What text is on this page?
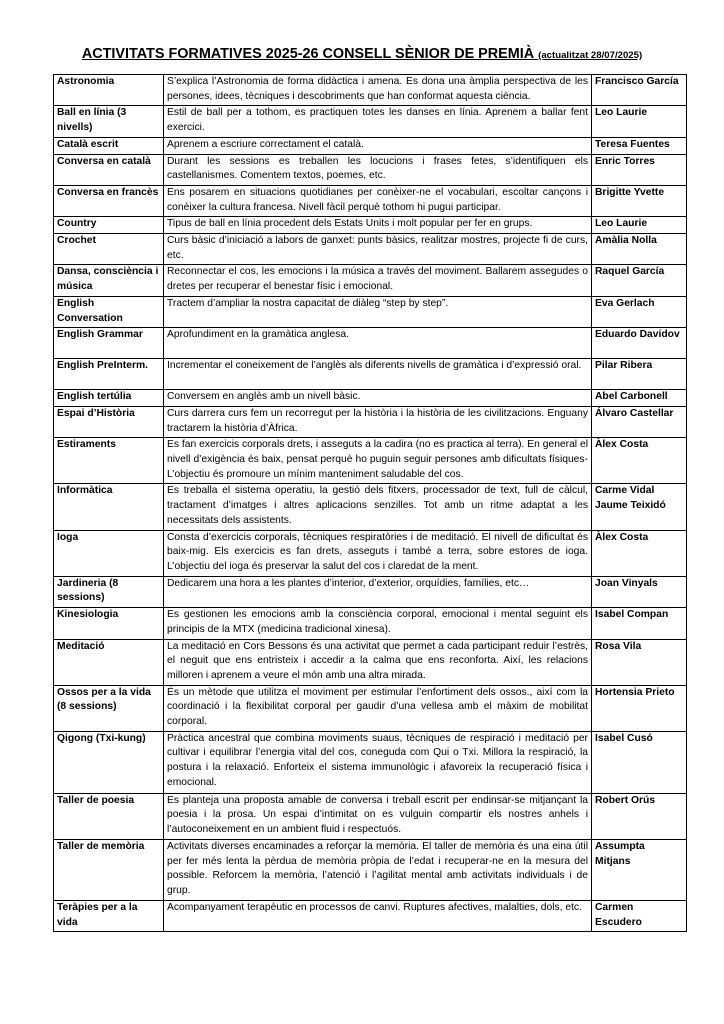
ACTIVITATS FORMATIVES 2025-26 CONSELL SÈNIOR DE PREMIÀ (actualitzat 28/07/2025)
Astronomia	S’explica l’Astronomia de forma didàctica i amena. Es dona una àmplia perspectiva de les persones, idees, tècniques i descobriments que han conformat aquesta ciència.	Francisco García
Ball en línia (3 nivells)	Estil de ball per a tothom, es practiquen totes les danses en línia. Aprenem a ballar fent exercici.	Leo Laurie
Català escrit	Aprenem a escriure correctament el català.	Teresa Fuentes
Conversa en català	Durant les sessions es treballen les locucions i frases fetes, s’identifiquen els castellanismes. Comentem textos, poemes, etc.	Enric Torres
Conversa en francès	Ens posarem en situacions quotidianes per conèixer-ne el vocabulari, escoltar cançons i conèixer la cultura francesa. Nivell fàcil perquè tothom hi pugui participar.	Brigitte Yvette
Country	Tipus de ball en línia procedent dels Estats Units i molt popular per fer en grups.	Leo Laurie
Crochet	Curs bàsic d’iniciació a labors de ganxet: punts bàsics, realitzar mostres, projecte fi de curs, etc.	Amàlia Nolla
Dansa, consciència i música	Reconnectar el cos, les emocions i la música a través del moviment. Ballarem assegudes o dretes per recuperar el benestar físic i emocional.	Raquel García
English Conversation	Tractem d’ampliar la nostra capacitat de diàleg “step by step”.	Eva Gerlach
English Grammar	Aprofundiment en la gramàtica anglesa.	Eduardo Davidov
English PreInterm.	Incrementar el coneixement de l’anglès als diferents nivells de gramàtica i d’expressió oral.	Pilar Ribera
English tertúlia	Conversem en anglès amb un nivell bàsic.	Abel Carbonell
Espai d’Història	Curs darrera curs fem un recorregut per la història i la història de les civilitzacions. Enguany tractarem la història d’Àfrica.	Álvaro Castellar
Estiraments	Es fan exercicis corporals drets, i asseguts a la cadira (no es practica al terra). En general el nivell d’exigència és baix, pensat perquè ho puguin seguir persones amb dificultats físiques- L’objectiu és promoure un mínim manteniment saludable del cos.	Àlex Costa
Informàtica	Es treballa el sistema operatiu, la gestió dels fitxers, processador de text, full de càlcul, tractament d’imatges i altres aplicacions senzilles. Tot amb un ritme adaptat a les necessitats dels assistents.	Carme Vidal Jaume Teixidó
Ioga	Consta d’exercicis corporals, tècniques respiratòries i de meditació. El nivell de dificultat és baix-mig. Els exercicis es fan drets, asseguts i també a terra, sobre estores de ioga. L’objectiu del ioga és preservar la salut del cos i claredat de la ment.	Àlex Costa
Jardineria (8 sessions)	Dedicarem una hora a les plantes d’interior, d’exterior, orquídies, famílies, etc…	Joan Vinyals
Kinesiologia	Es gestionen les emocions amb la consciència corporal, emocional i mental seguint els principis de la MTX (medicina tradicional xinesa).	Isabel Compan
Meditació	La meditació en Cors Bessons és una activitat que permet a cada participant reduir l’estrès, el neguit que ens entristeix i accedir a la calma que ens reconforta. Així, les relacions milloren i aprenem a veure el món amb una altra mirada.	Rosa Vila
Ossos per a la vida (8 sessions)	És un mètode que utilitza el moviment per estimular l’enfortiment dels ossos., així com la coordinació i la flexibilitat corporal per gaudir d’una vellesa amb el màxim de mobilitat corporal.	Hortensia Prieto
Qigong (Txi-kung)	Pràctica ancestral que combina moviments suaus, tècniques de respiració i meditació per cultivar i equilibrar l’energia vital del cos, coneguda com Qui o Txi. Millora la respiració, la postura i la relaxació. Enforteix el sistema immunològic i afavoreix la recuperació física i emocional.	Isabel Cusó
Taller de poesia	Es planteja una proposta amable de conversa i treball escrit per endinsar-se mitjançant la poesia i la prosa. Un espai d’intimitat on es vulguin compartir els nostres anhels i l’autoconeixement en un ambient fluid i respectuós.	Robert Orús
Taller de memòria	Activitats diverses encaminades a reforçar la memòria. El taller de memòria és una eina útil per fer més lenta la pèrdua de memòria pròpia de l’edat i recuperar-ne en la mesura del possible. Reforcem la memòria, l’atenció i l’agilitat mental amb activitats individuals i de grup.	Assumpta Mitjans
Teràpies per a la vida	Acompanyament terapèutic en processos de canvi. Ruptures afectives, malalties, dols, etc.	Carmen Escudero
